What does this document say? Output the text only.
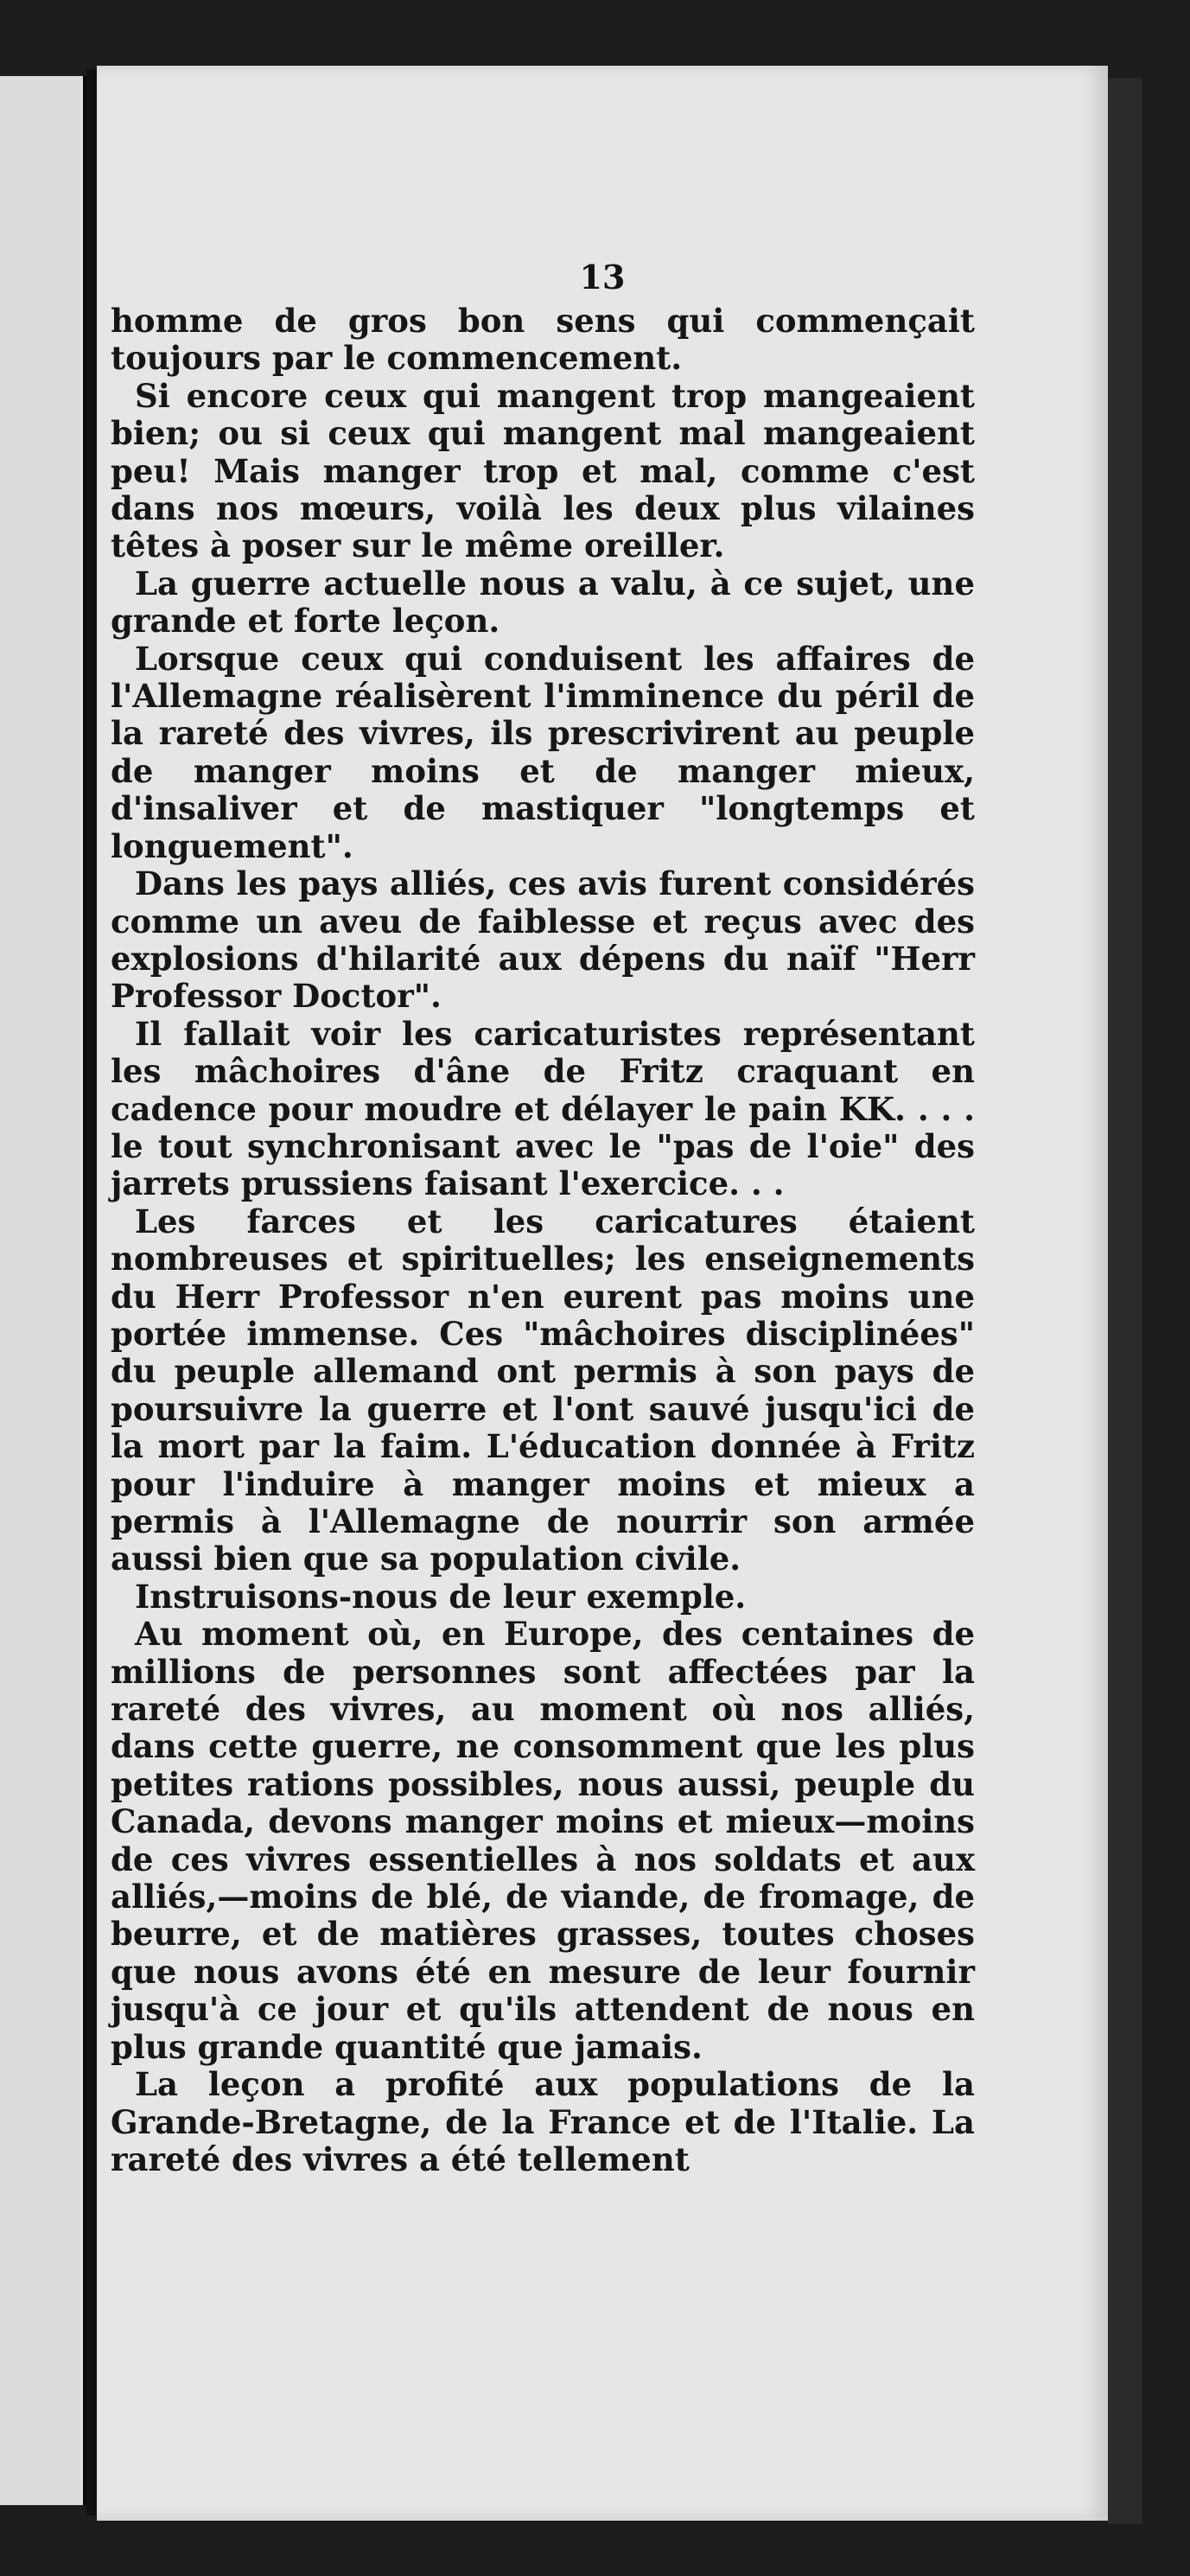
13

homme de gros bon sens qui commençait toujours par le commencement.

Si encore ceux qui mangent trop mangeaient bien; ou si ceux qui mangent mal mangeaient peu! Mais manger trop et mal, comme c'est dans nos mœurs, voilà les deux plus vilaines têtes à poser sur le même oreiller.

La guerre actuelle nous a valu, à ce sujet, une grande et forte leçon.

Lorsque ceux qui conduisent les affaires de l'Allemagne réalisèrent l'imminence du péril de la rareté des vivres, ils prescrivirent au peuple de manger moins et de manger mieux, d'insaliver et de mastiquer "longtemps et longuement".

Dans les pays alliés, ces avis furent considérés comme un aveu de faiblesse et reçus avec des explosions d'hilarité aux dépens du naïf "Herr Professor Doctor".

Il fallait voir les caricaturistes représentant les mâchoires d'âne de Fritz craquant en cadence pour moudre et délayer le pain KK. . . . le tout synchronisant avec le "pas de l'oie" des jarrets prussiens faisant l'exercice. . .

Les farces et les caricatures étaient nombreuses et spirituelles; les enseignements du Herr Professor n'en eurent pas moins une portée immense. Ces "mâchoires disciplinées" du peuple allemand ont permis à son pays de poursuivre la guerre et l'ont sauvé jusqu'ici de la mort par la faim. L'éducation donnée à Fritz pour l'induire à manger moins et mieux a permis à l'Allemagne de nourrir son armée aussi bien que sa population civile.

Instruisons-nous de leur exemple.

Au moment où, en Europe, des centaines de millions de personnes sont affectées par la rareté des vivres, au moment où nos alliés, dans cette guerre, ne consomment que les plus petites rations possibles, nous aussi, peuple du Canada, devons manger moins et mieux—moins de ces vivres essentielles à nos soldats et aux alliés,—moins de blé, de viande, de fromage, de beurre, et de matières grasses, toutes choses que nous avons été en mesure de leur fournir jusqu'à ce jour et qu'ils attendent de nous en plus grande quantité que jamais.

La leçon a profité aux populations de la Grande-Bretagne, de la France et de l'Italie. La rareté des vivres a été tellement
